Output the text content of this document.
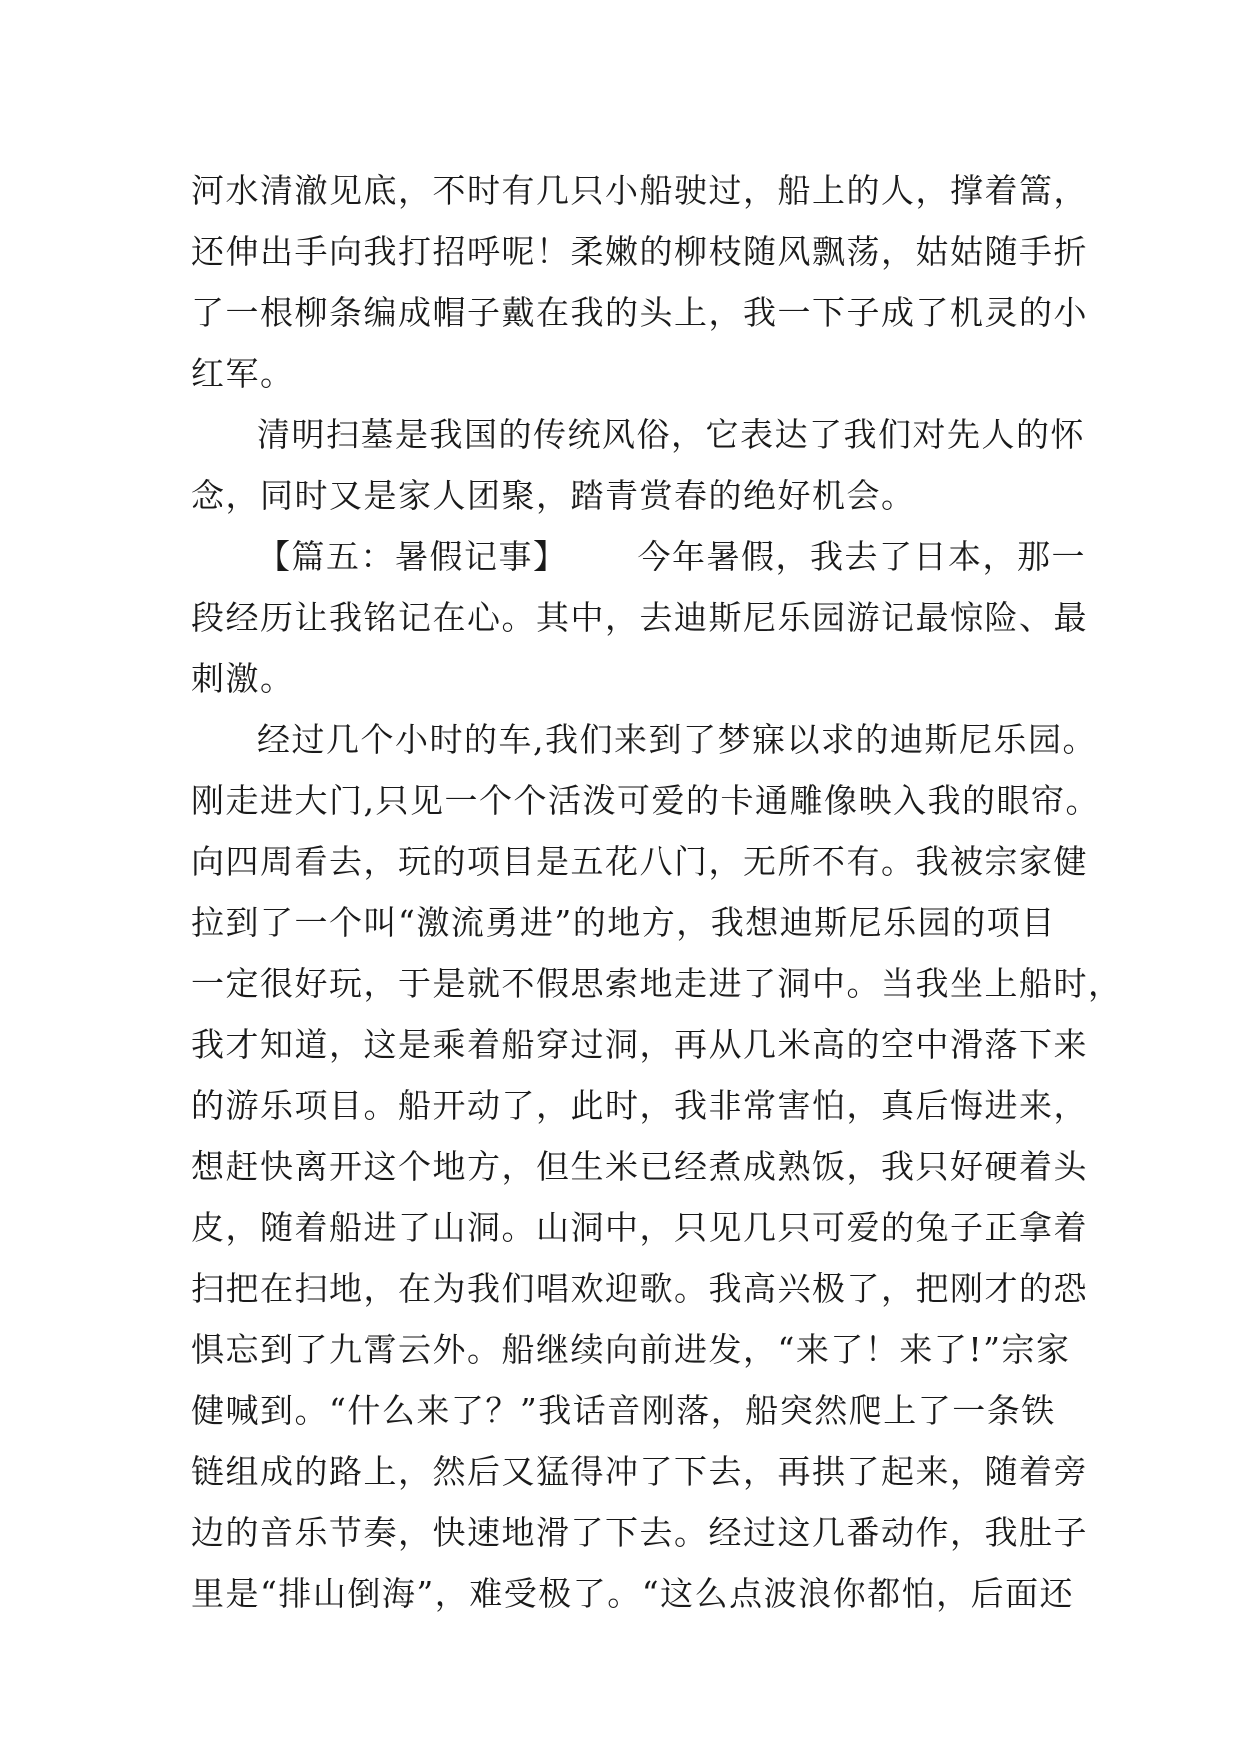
河水清澈见底，不时有几只小船驶过，船上的人，撑着篙，
还伸出手向我打招呼呢！柔嫩的柳枝随风飘荡，姑姑随手折
了一根柳条编成帽子戴在我的头上，我一下子成了机灵的小
红军。
清明扫墓是我国的传统风俗，它表达了我们对先人的怀
念，同时又是家人团聚，踏青赏春的绝好机会。
【篇五：暑假记事】 今年暑假，我去了日本，那一
段经历让我铭记在心。其中，去迪斯尼乐园游记最惊险、最
刺激。
经过几个小时的车,我们来到了梦寐以求的迪斯尼乐园。
刚走进大门,只见一个个活泼可爱的卡通雕像映入我的眼帘。
向四周看去，玩的项目是五花八门，无所不有。我被宗家健
拉到了一个叫“激流勇进”的地方，我想迪斯尼乐园的项目
一定很好玩，于是就不假思索地走进了洞中。当我坐上船时，
我才知道，这是乘着船穿过洞，再从几米高的空中滑落下来
的游乐项目。船开动了，此时，我非常害怕，真后悔进来，
想赶快离开这个地方，但生米已经煮成熟饭，我只好硬着头
皮，随着船进了山洞。山洞中，只见几只可爱的兔子正拿着
扫把在扫地，在为我们唱欢迎歌。我高兴极了，把刚才的恐
惧忘到了九霄云外。船继续向前进发，“来了！来了!”宗家
健喊到。“什么来了？”我话音刚落，船突然爬上了一条铁
链组成的路上，然后又猛得冲了下去，再拱了起来，随着旁
边的音乐节奏，快速地滑了下去。经过这几番动作，我肚子
里是“排山倒海”，难受极了。“这么点波浪你都怕，后面还
